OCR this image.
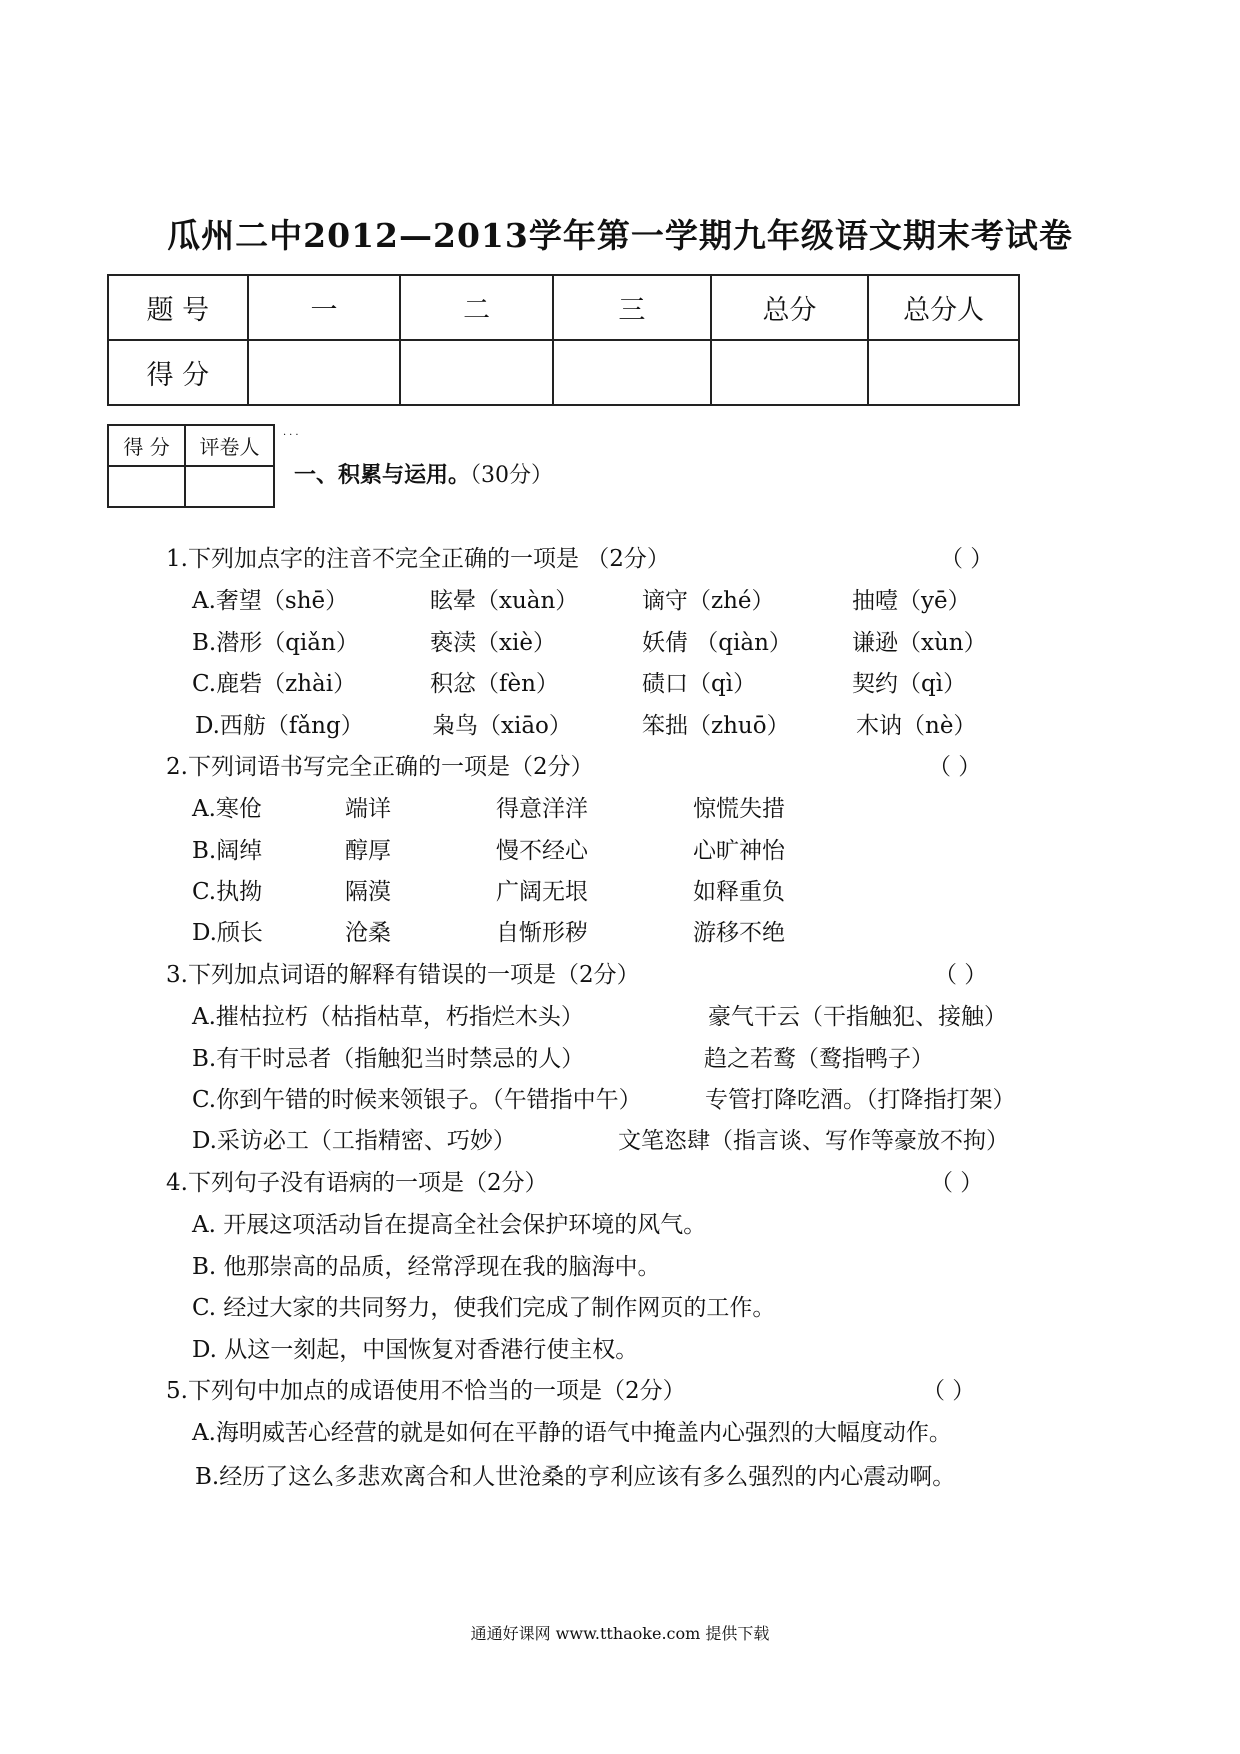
瓜州二中2012—2013学年第一学期九年级语文期末考试卷
题 号	一	二	三	总分	总分人
得 分					
···
得 分	评卷人

一、积累与运用。（30分）
1.下列加点字的注音不完全正确的一项是 （2分）	（ ）
A.奢望（shē）	眩晕（xuàn）	谪守（zhé）	抽噎（yē）
B.潜形（qiǎn）	亵渎（xiè）	妖倩 （qiàn）	谦逊（xùn）
C.鹿砦（zhài）	积忿（fèn）	碛口（qì）	契约（qì）
D.西舫（fǎng）	枭鸟（xiāo）	笨拙（zhuō）	木讷（nè）
2.下列词语书写完全正确的一项是（2分）	（ ）
A.寒伧	端详	得意洋洋	惊慌失措
B.阔绰	醇厚	慢不经心	心旷神怡
C.执拗	隔漠	广阔无垠	如释重负
D.颀长	沧桑	自惭形秽	游移不绝
3.下列加点词语的解释有错误的一项是（2分）	（ ）
A.摧枯拉朽（枯指枯草，朽指烂木头）	豪气干云（干指触犯、接触）
B.有干时忌者（指触犯当时禁忌的人）	趋之若鹜（鹜指鸭子）
C.你到午错的时候来领银子。（午错指中午）	专管打降吃酒。（打降指打架）
D.采访必工（工指精密、巧妙）	文笔恣肆（指言谈、写作等豪放不拘）
4.下列句子没有语病的一项是（2分）	（ ）
A. 开展这项活动旨在提高全社会保护环境的风气。
B. 他那崇高的品质，经常浮现在我的脑海中。
C. 经过大家的共同努力，使我们完成了制作网页的工作。
D. 从这一刻起，中国恢复对香港行使主权。
5.下列句中加点的成语使用不恰当的一项是（2分）	（ ）
A.海明威苦心经营的就是如何在平静的语气中掩盖内心强烈的大幅度动作。
B.经历了这么多悲欢离合和人世沧桑的亨利应该有多么强烈的内心震动啊。
通通好课网 www.tthaoke.com 提供下载
